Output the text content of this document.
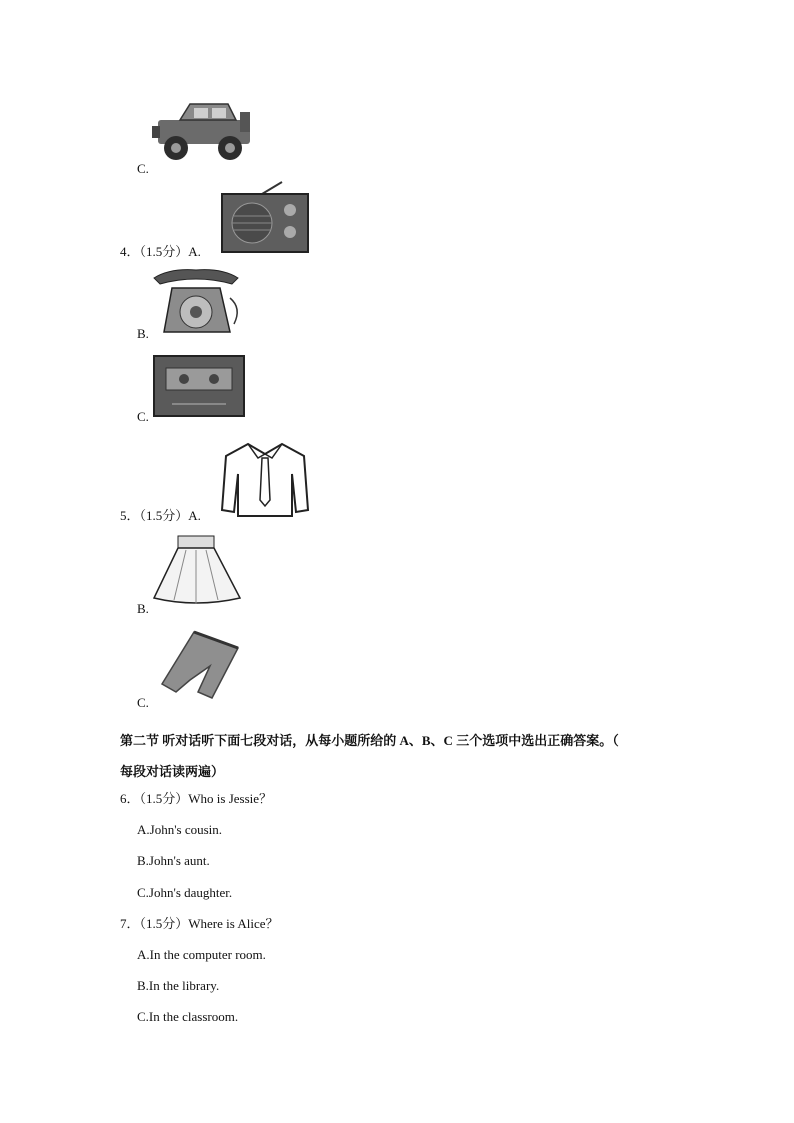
C.
4．（1.5分）A.
B.
C.
5．（1.5分）A.
B.
C.
第二节 听对话听下面七段对话，从每小题所给的 A、B、C 三个选项中选出正确答案。（
每段对话读两遍）
6．（1.5分）Who is Jessie？
A.John's cousin.
B.John's aunt.
C.John's daughter.
7．（1.5分）Where is Alice？
A.In the computer room.
B.In the library.
C.In the classroom.
